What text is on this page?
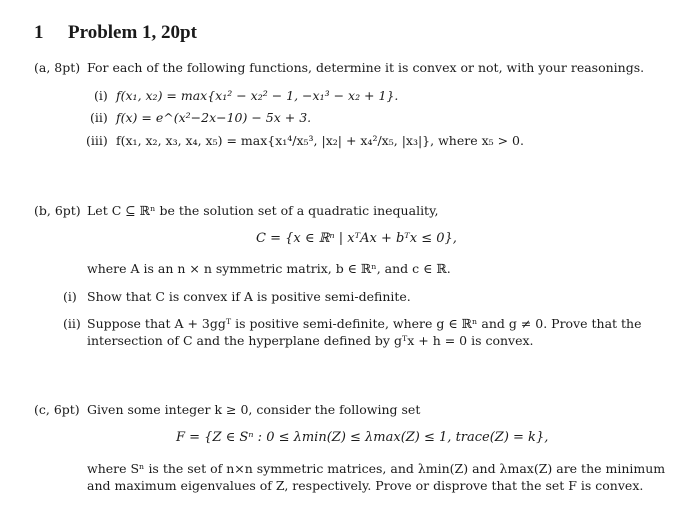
1 Problem 1, 20pt
(a, 8pt) For each of the following functions, determine it is convex or not, with your reasonings.
(i) f(x₁, x₂) = max{x₁² − x₂² − 1, −x₁³ − x₂ + 1}.
(ii) f(x) = e^(x²−2x−10) − 5x + 3.
(iii) f(x₁, x₂, x₃, x₄, x₅) = max{x₁⁴/x₅³, |x₂| + x₄²/x₅, |x₃|}, where x₅ > 0.
(b, 6pt) Let C ⊆ ℝⁿ be the solution set of a quadratic inequality,
C = {x ∈ ℝⁿ | xᵀAx + bᵀx ≤ 0},
where A is an n × n symmetric matrix, b ∈ ℝⁿ, and c ∈ ℝ.
(i) Show that C is convex if A is positive semi-definite.
(ii) Suppose that A + 3ggᵀ is positive semi-definite, where g ∈ ℝⁿ and g ≠ 0. Prove that the
intersection of C and the hyperplane defined by gᵀx + h = 0 is convex.
(c, 6pt) Given some integer k ≥ 0, consider the following set
F = {Z ∈ Sⁿ : 0 ≤ λmin(Z) ≤ λmax(Z) ≤ 1, trace(Z) = k},
where Sⁿ is the set of n×n symmetric matrices, and λmin(Z) and λmax(Z) are the minimum
and maximum eigenvalues of Z, respectively. Prove or disprove that the set F is convex.
